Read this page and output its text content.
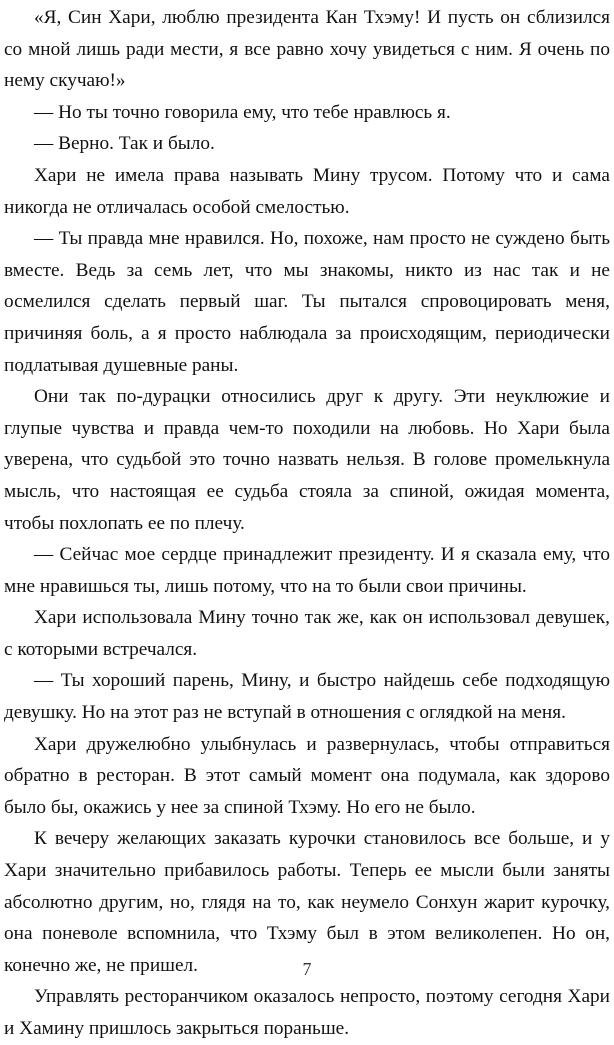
«Я, Син Хари, люблю президента Кан Тхэму! И пусть он сблизился со мной лишь ради мести, я все равно хочу увидеться с ним. Я очень по нему скучаю!»

— Но ты точно говорила ему, что тебе нравлюсь я.

— Верно. Так и было.

Хари не имела права называть Мину трусом. Потому что и сама никогда не отличалась особой смелостью.

— Ты правда мне нравился. Но, похоже, нам просто не суждено быть вместе. Ведь за семь лет, что мы знакомы, никто из нас так и не осмелился сделать первый шаг. Ты пытался спровоцировать меня, причиняя боль, а я просто наблюдала за происходящим, периодически подлатывая душевные раны.

Они так по-дурацки относились друг к другу. Эти неуклюжие и глупые чувства и правда чем-то походили на любовь. Но Хари была уверена, что судьбой это точно назвать нельзя. В голове промелькнула мысль, что настоящая ее судьба стояла за спиной, ожидая момента, чтобы похлопать ее по плечу.

— Сейчас мое сердце принадлежит президенту. И я сказала ему, что мне нравишься ты, лишь потому, что на то были свои причины.

Хари использовала Мину точно так же, как он использовал девушек, с которыми встречался.

— Ты хороший парень, Мину, и быстро найдешь себе подходящую девушку. Но на этот раз не вступай в отношения с оглядкой на меня.

Хари дружелюбно улыбнулась и развернулась, чтобы отправиться обратно в ресторан. В этот самый момент она подумала, как здорово было бы, окажись у нее за спиной Тхэму. Но его не было.

К вечеру желающих заказать курочки становилось все больше, и у Хари значительно прибавилось работы. Теперь ее мысли были заняты абсолютно другим, но, глядя на то, как неумело Сонхун жарит курочку, она поневоле вспомнила, что Тхэму был в этом великолепен. Но он, конечно же, не пришел.

Управлять ресторанчиком оказалось непросто, поэтому сегодня Хари и Хамину пришлось закрыться пораньше.

7
